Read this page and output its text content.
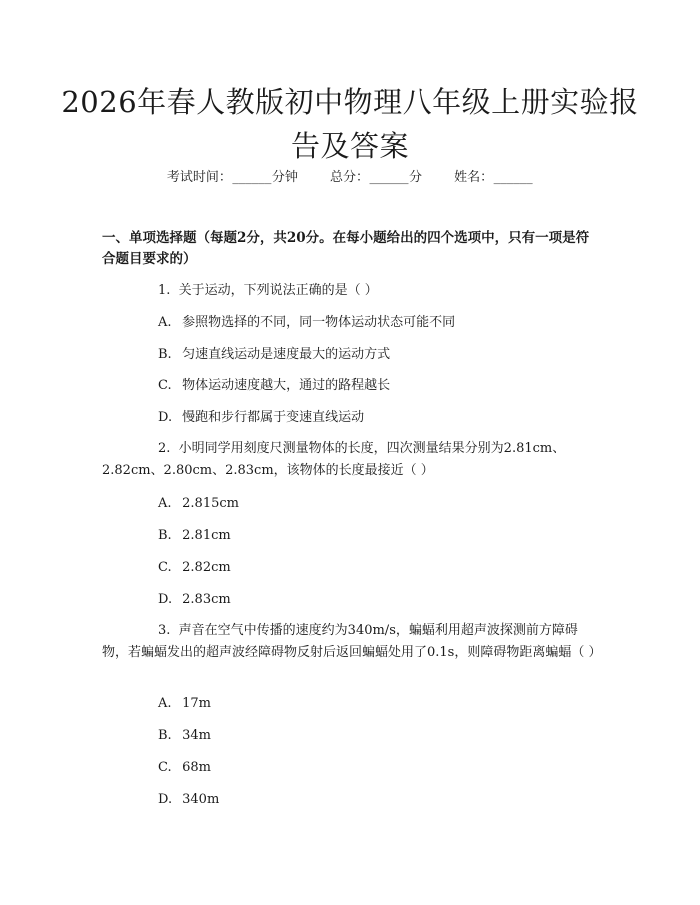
2026年春人教版初中物理八年级上册实验报告及答案
考试时间：______分钟 总分：______分 姓名：______
一、单项选择题（每题2分，共20分。在每小题给出的四个选项中，只有一项是符合题目要求的）
1. 关于运动，下列说法正确的是（ ）
A. 参照物选择的不同，同一物体运动状态可能不同
B. 匀速直线运动是速度最大的运动方式
C. 物体运动速度越大，通过的路程越长
D. 慢跑和步行都属于变速直线运动
2. 小明同学用刻度尺测量物体的长度，四次测量结果分别为2.81cm、2.82cm、2.80cm、2.83cm，该物体的长度最接近（ ）
A. 2.815cm
B. 2.81cm
C. 2.82cm
D. 2.83cm
3. 声音在空气中传播的速度约为340m/s，蝙蝠利用超声波探测前方障碍物，若蝙蝠发出的超声波经障碍物反射后返回蝙蝠处用了0.1s，则障碍物距离蝙蝠（ ）
A. 17m
B. 34m
C. 68m
D. 340m
